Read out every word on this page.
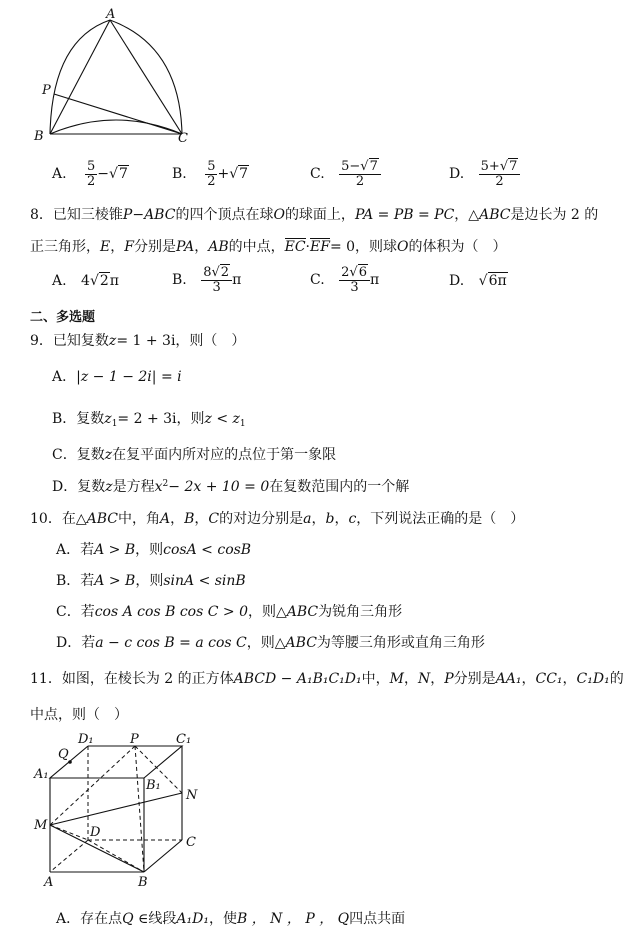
A
P
B	C
A. $\frac{5}{2} -√7$	B. $\frac{5}{2} +√7$	C. $\frac{5-√7}{2}$	D. $\frac{5+√7}{2}$
8．已知三棱锥P−ABC的四个顶点在球O的球面上，PA = PB = PC，△ABC是边长为 2 的
正三角形，E，F分别是PA，AB的中点，EC·EF= 0，则球O的体积为（　）
A. 4√2π	B. $\frac{8√2}{3}$ π	C. $\frac{2√6}{3}$ π	D. √6π
二、多选题
9．已知复数z= 1 + 3i，则（　）
A．|z − 1 − 2i| = i
B．复数$z_1= 2 + 3i$，则$z < z_1$
C．复数z在复平面内所对应的点位于第一象限
D．复数z是方程$x^2- 2x + 10 = 0$在复数范围内的一个解
10．在△ABC中，角A，B，C的对边分别是a，b，c，下列说法正确的是（　）
A．若A > B，则cosA < cosB
B．若A > B，则sinA < sinB
C．若cos A cos B cos C > 0，则△ABC为锐角三角形
D．若a − c cos B = a cos C，则△ABC为等腰三角形或直角三角形
11．如图，在棱长为 2 的正方体ABCD − A₁B₁C₁D₁中，M，N，P分别是AA₁，CC₁，C₁D₁的
中点，则（　）
Q
D₁	P	C₁
A₁
B₁
N
M	D
C
A	B
A．存在点Q ∈线段A₁D₁，使B ， N ， P ， Q四点共面
